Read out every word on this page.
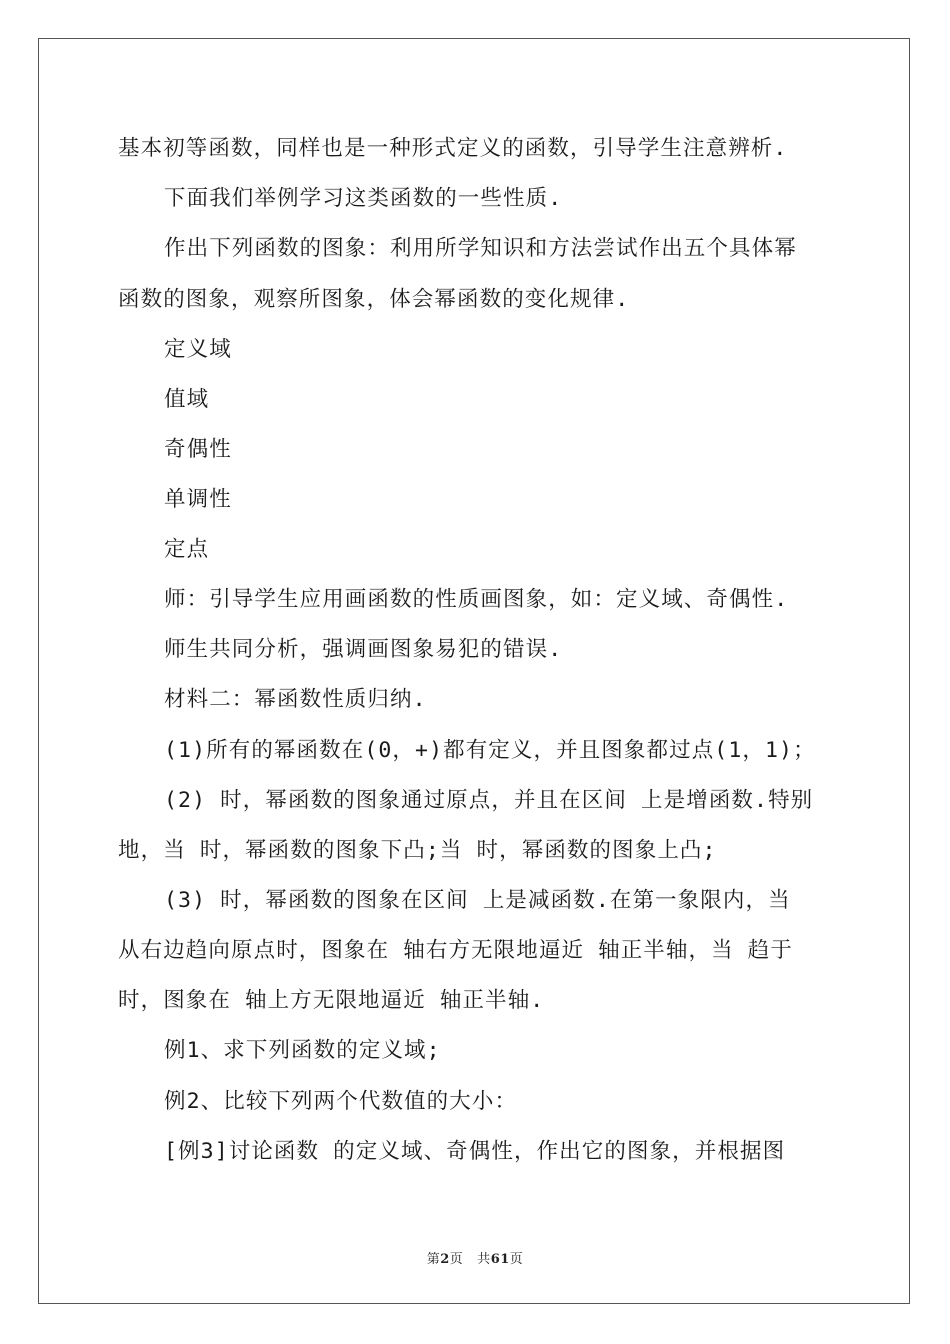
基本初等函数，同样也是一种形式定义的函数，引导学生注意辨析.
下面我们举例学习这类函数的一些性质.
作出下列函数的图象：利用所学知识和方法尝试作出五个具体幂
函数的图象，观察所图象，体会幂函数的变化规律.
定义域
值域
奇偶性
单调性
定点
师：引导学生应用画函数的性质画图象，如：定义域、奇偶性.
师生共同分析，强调画图象易犯的错误.
材料二：幂函数性质归纳.
(1)所有的幂函数在(0，+)都有定义，并且图象都过点(1，1)；
(2) 时，幂函数的图象通过原点，并且在区间 上是增函数.特别
地，当 时，幂函数的图象下凸;当 时，幂函数的图象上凸;
(3) 时，幂函数的图象在区间 上是减函数.在第一象限内，当
从右边趋向原点时，图象在 轴右方无限地逼近 轴正半轴，当 趋于
时，图象在 轴上方无限地逼近 轴正半轴.
例1、求下列函数的定义域;
例2、比较下列两个代数值的大小：
[例3]讨论函数 的定义域、奇偶性，作出它的图象，并根据图
第2页 共61页
